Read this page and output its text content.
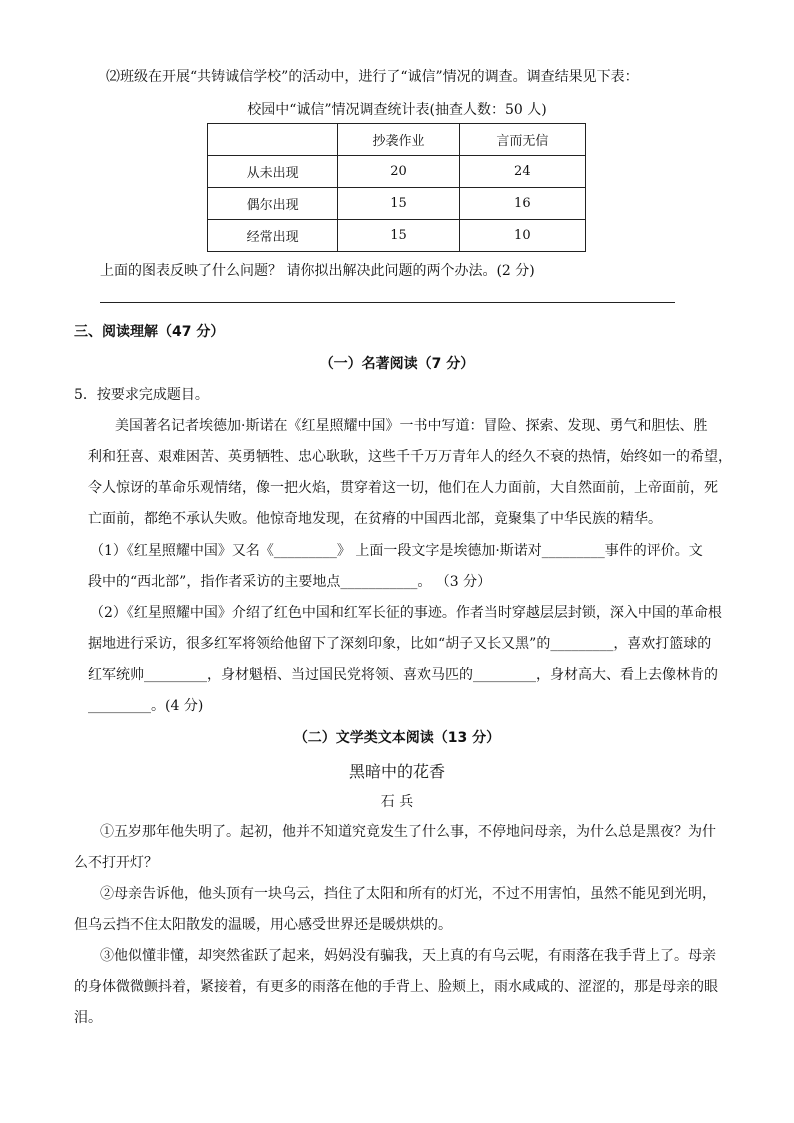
⑵班级在开展“共铸诚信学校”的活动中，进行了“诚信”情况的调查。调查结果见下表：
校园中“诚信”情况调查统计表(抽查人数：50 人)
	抄袭作业	言而无信
从未出现	20	24
偶尔出现	15	16
经常出现	15	10
上面的图表反映了什么问题？ 请你拟出解决此问题的两个办法。(2 分)
三、阅读理解（47 分）
（一）名著阅读（7 分）
5．按要求完成题目。
美国著名记者埃德加·斯诺在《红星照耀中国》一书中写道：冒险、探索、发现、勇气和胆怯、胜
利和狂喜、艰难困苦、英勇牺牲、忠心耿耿，这些千千万万青年人的经久不衰的热情，始终如一的希望，
令人惊讶的革命乐观情绪，像一把火焰，贯穿着这一切，他们在人力面前，大自然面前，上帝面前，死
亡面前，都绝不承认失败。他惊奇地发现，在贫瘠的中国西北部，竟聚集了中华民族的精华。
（1）《红星照耀中国》又名《_________》 上面一段文字是埃德加·斯诺对_________事件的评价。文
段中的“西北部”，指作者采访的主要地点___________。 （3 分）
（2）《红星照耀中国》介绍了红色中国和红军长征的事迹。作者当时穿越层层封锁，深入中国的革命根
据地进行采访，很多红军将领给他留下了深刻印象，比如“胡子又长又黑”的_________，喜欢打篮球的
红军统帅_________，身材魁梧、当过国民党将领、喜欢马匹的_________，身材高大、看上去像林肯的
_________。(4 分)
（二）文学类文本阅读（13 分）
黑暗中的花香
石 兵
①五岁那年他失明了。起初，他并不知道究竟发生了什么事，不停地问母亲，为什么总是黑夜？为什
么不打开灯？
②母亲告诉他，他头顶有一块乌云，挡住了太阳和所有的灯光，不过不用害怕，虽然不能见到光明，
但乌云挡不住太阳散发的温暖，用心感受世界还是暖烘烘的。
③他似懂非懂，却突然雀跃了起来，妈妈没有骗我，天上真的有乌云呢，有雨落在我手背上了。母亲
的身体微微颤抖着，紧接着，有更多的雨落在他的手背上、脸颊上，雨水咸咸的、涩涩的，那是母亲的眼
泪。
